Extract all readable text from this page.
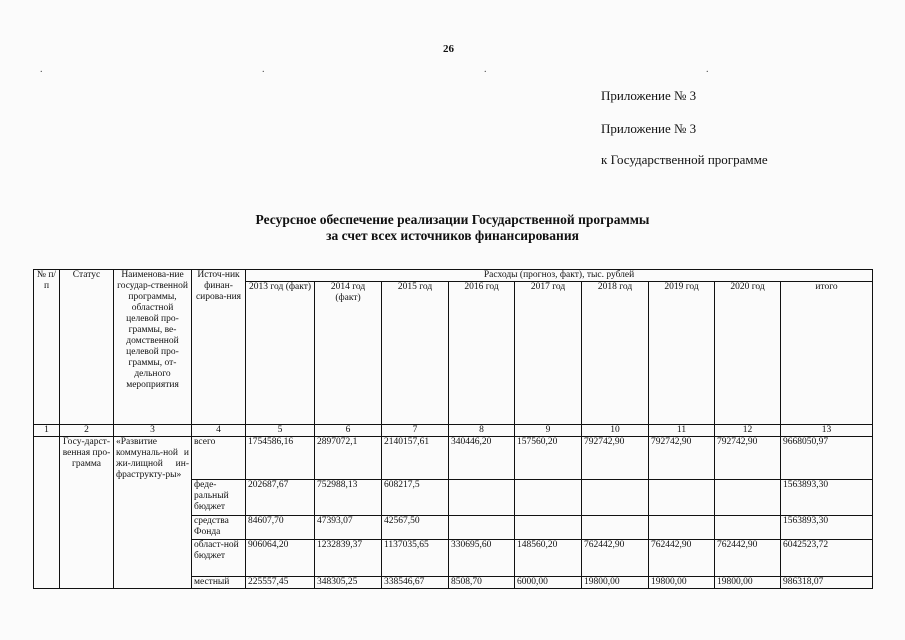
26
.	.	.	.
Приложение № 3
Приложение № 3
к Государственной программе
Ресурсное обеспечение реализации Государственной программы
за счет всех источников финансирования
№ п/п	Статус	Наименова-ние государ-ственной программы, областной целевой про-граммы, ве-домственной целевой про-граммы, от-дельного мероприятия	Источ-ник финан-сирова-ния	Расходы (прогноз, факт), тыс. рублей								
				2013 год (факт)	2014 год (факт)	2015 год	2016 год	2017 год	2018 год	2019 год	2020 год	итого
1	2	3	4	5	6	7	8	9	10	11	12	13
	Госу-дарст-венная про-грамма	«Развитие коммуналь-ной и жи-лищной ин-фраструкту-ры»	всего	1754586,16	2897072,1	2140157,61	340446,20	157560,20	792742,90	792742,90	792742,90	9668050,97
			феде-ральный бюджет	202687,67	752988,13	608217,5						1563893,30
			средства Фонда	84607,70	47393,07	42567,50						1563893,30
			област-ной бюджет	906064,20	1232839,37	1137035,65	330695,60	148560,20	762442,90	762442,90	762442,90	6042523,72
			местный	225557,45	348305,25	338546,67	8508,70	6000,00	19800,00	19800,00	19800,00	986318,07
